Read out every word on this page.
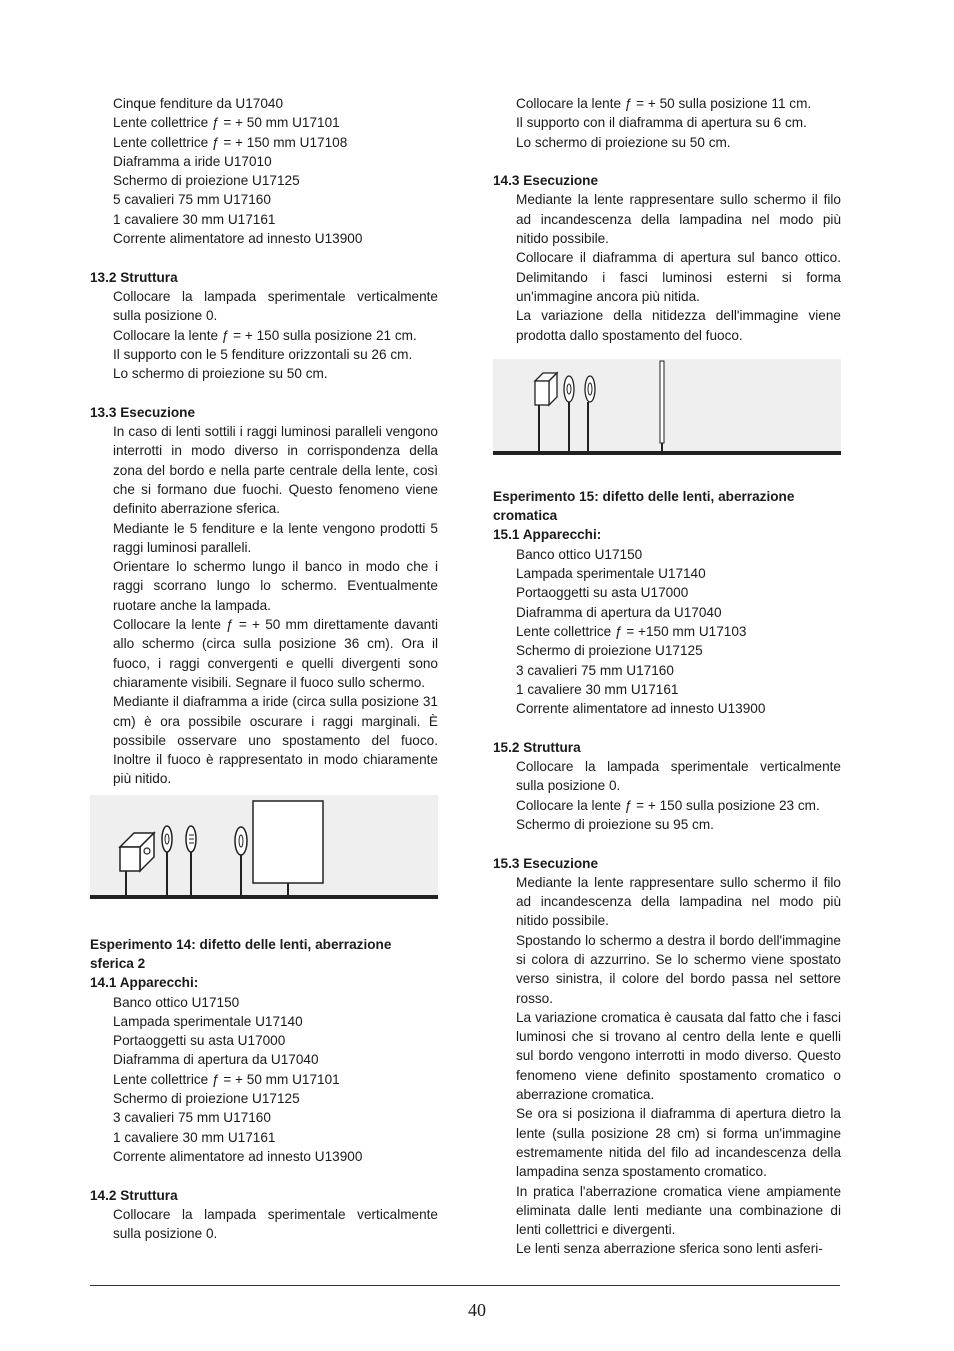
Cinque fenditure da U17040

Lente collettrice ƒ = + 50 mm U17101

Lente collettrice ƒ = + 150 mm U17108

Diaframma a iride U17010

Schermo di proiezione U17125

5 cavalieri 75 mm U17160

1 cavaliere 30 mm U17161

Corrente alimentatore ad innesto U13900

13.2 Struttura

Collocare la lampada sperimentale verticalmente sulla posizione 0.

Collocare la lente ƒ = + 150 sulla posizione 21 cm.

Il supporto con le 5 fenditure orizzontali su 26 cm.

Lo schermo di proiezione su 50 cm.

13.3 Esecuzione

In caso di lenti sottili i raggi luminosi paralleli vengono interrotti in modo diverso in corrispondenza della zona del bordo e nella parte centrale della lente, così che si formano due fuochi. Questo fenomeno viene definito aberrazione sferica.

Mediante le 5 fenditure e la lente vengono prodotti 5 raggi luminosi paralleli.

Orientare lo schermo lungo il banco in modo che i raggi scorrano lungo lo schermo. Eventualmente ruotare anche la lampada.

Collocare la lente ƒ = + 50 mm direttamente davanti allo schermo (circa sulla posizione 36 cm). Ora il fuoco, i raggi convergenti e quelli divergenti sono chiaramente visibili. Segnare il fuoco sullo schermo.

Mediante il diaframma a iride (circa sulla posizione 31 cm) è ora possibile oscurare i raggi marginali. È possibile osservare uno spostamento del fuoco. Inoltre il fuoco è rappresentato in modo chiaramente più nitido.

Esperimento 14: difetto delle lenti, aberrazione sferica 2

14.1 Apparecchi:

Banco ottico U17150

Lampada sperimentale U17140

Portaoggetti su asta U17000

Diaframma di apertura da U17040

Lente collettrice ƒ = + 50 mm U17101

Schermo di proiezione U17125

3 cavalieri 75 mm U17160

1 cavaliere 30 mm U17161

Corrente alimentatore ad innesto U13900

14.2 Struttura

Collocare la lampada sperimentale verticalmente sulla posizione 0.

Collocare la lente ƒ = + 50 sulla posizione 11 cm.

Il supporto con il diaframma di apertura su 6 cm.

Lo schermo di proiezione su 50 cm.

14.3 Esecuzione

Mediante la lente rappresentare sullo schermo il filo ad incandescenza della lampadina nel modo più nitido possibile.

Collocare il diaframma di apertura sul banco ottico. Delimitando i fasci luminosi esterni si forma un'immagine ancora più nitida.

La variazione della nitidezza dell'immagine viene prodotta dallo spostamento del fuoco.

Esperimento 15: difetto delle lenti, aberrazione cromatica

15.1 Apparecchi:

Banco ottico U17150

Lampada sperimentale U17140

Portaoggetti su asta U17000

Diaframma di apertura da U17040

Lente collettrice ƒ = +150 mm U17103

Schermo di proiezione U17125

3 cavalieri 75 mm U17160

1 cavaliere 30 mm U17161

Corrente alimentatore ad innesto U13900

15.2 Struttura

Collocare la lampada sperimentale verticalmente sulla posizione 0.

Collocare la lente ƒ = + 150 sulla posizione 23 cm.

Schermo di proiezione su 95 cm.

15.3 Esecuzione

Mediante la lente rappresentare sullo schermo il filo ad incandescenza della lampadina nel modo più nitido possibile.

Spostando lo schermo a destra il bordo dell'immagine si colora di azzurrino. Se lo schermo viene spostato verso sinistra, il colore del bordo passa nel settore rosso.

La variazione cromatica è causata dal fatto che i fasci luminosi che si trovano al centro della lente e quelli sul bordo vengono interrotti in modo diverso. Questo fenomeno viene definito spostamento cromatico o aberrazione cromatica.

Se ora si posiziona il diaframma di apertura dietro la lente (sulla posizione 28 cm) si forma un'immagine estremamente nitida del filo ad incandescenza della lampadina senza spostamento cromatico.

In pratica l'aberrazione cromatica viene ampiamente eliminata dalle lenti mediante una combinazione di lenti collettrici e divergenti.

Le lenti senza aberrazione sferica sono lenti asferi-

40
